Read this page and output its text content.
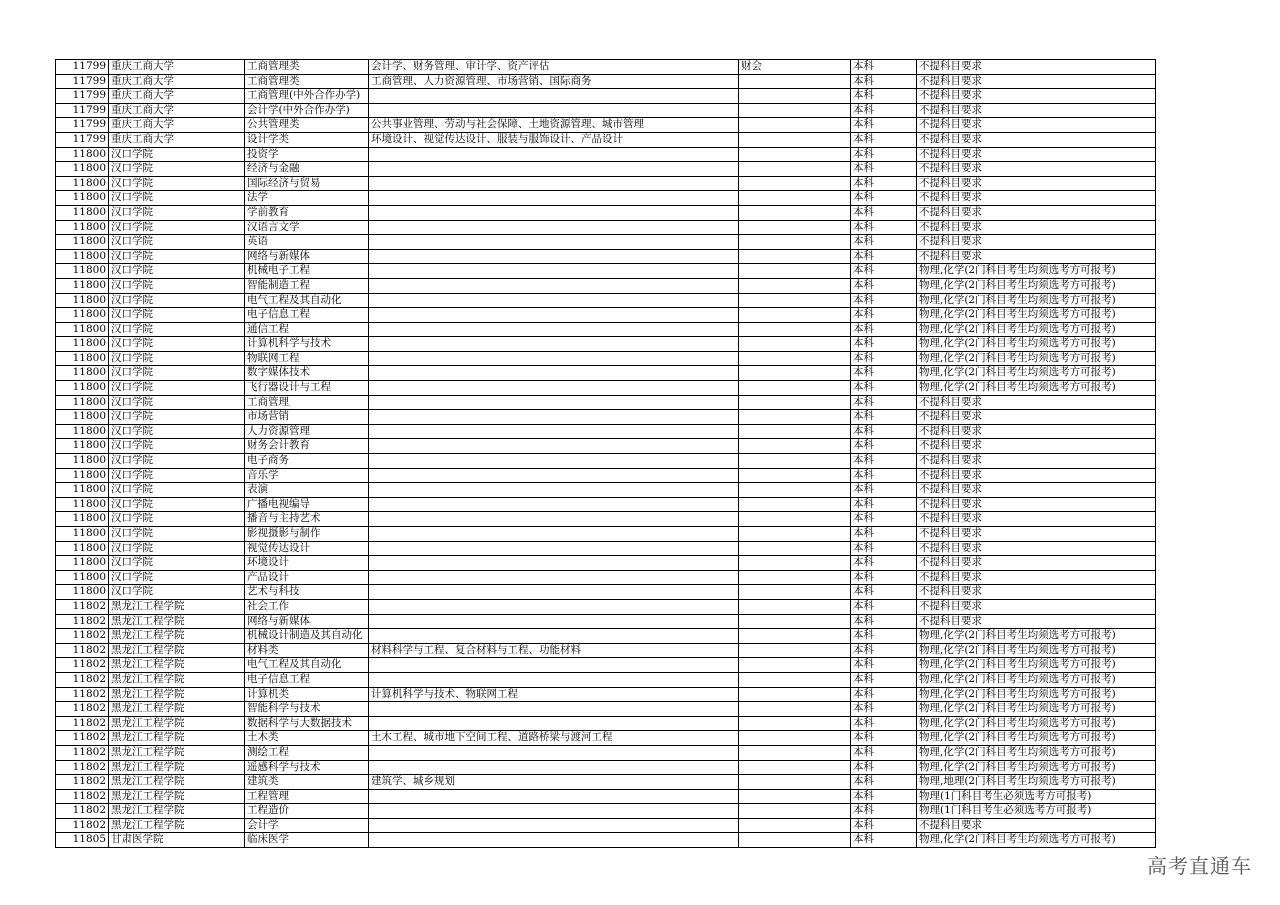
11799	重庆工商大学	工商管理类	会计学、财务管理、审计学、资产评估	财会	本科	不提科目要求
11799	重庆工商大学	工商管理类	工商管理、人力资源管理、市场营销、国际商务		本科	不提科目要求
11799	重庆工商大学	工商管理(中外合作办学)			本科	不提科目要求
11799	重庆工商大学	会计学(中外合作办学)			本科	不提科目要求
11799	重庆工商大学	公共管理类	公共事业管理、劳动与社会保障、土地资源管理、城市管理		本科	不提科目要求
11799	重庆工商大学	设计学类	环境设计、视觉传达设计、服装与服饰设计、产品设计		本科	不提科目要求
11800	汉口学院	投资学			本科	不提科目要求
11800	汉口学院	经济与金融			本科	不提科目要求
11800	汉口学院	国际经济与贸易			本科	不提科目要求
11800	汉口学院	法学			本科	不提科目要求
11800	汉口学院	学前教育			本科	不提科目要求
11800	汉口学院	汉语言文学			本科	不提科目要求
11800	汉口学院	英语			本科	不提科目要求
11800	汉口学院	网络与新媒体			本科	不提科目要求
11800	汉口学院	机械电子工程			本科	物理,化学(2门科目考生均须选考方可报考)
11800	汉口学院	智能制造工程			本科	物理,化学(2门科目考生均须选考方可报考)
11800	汉口学院	电气工程及其自动化			本科	物理,化学(2门科目考生均须选考方可报考)
11800	汉口学院	电子信息工程			本科	物理,化学(2门科目考生均须选考方可报考)
11800	汉口学院	通信工程			本科	物理,化学(2门科目考生均须选考方可报考)
11800	汉口学院	计算机科学与技术			本科	物理,化学(2门科目考生均须选考方可报考)
11800	汉口学院	物联网工程			本科	物理,化学(2门科目考生均须选考方可报考)
11800	汉口学院	数字媒体技术			本科	物理,化学(2门科目考生均须选考方可报考)
11800	汉口学院	飞行器设计与工程			本科	物理,化学(2门科目考生均须选考方可报考)
11800	汉口学院	工商管理			本科	不提科目要求
11800	汉口学院	市场营销			本科	不提科目要求
11800	汉口学院	人力资源管理			本科	不提科目要求
11800	汉口学院	财务会计教育			本科	不提科目要求
11800	汉口学院	电子商务			本科	不提科目要求
11800	汉口学院	音乐学			本科	不提科目要求
11800	汉口学院	表演			本科	不提科目要求
11800	汉口学院	广播电视编导			本科	不提科目要求
11800	汉口学院	播音与主持艺术			本科	不提科目要求
11800	汉口学院	影视摄影与制作			本科	不提科目要求
11800	汉口学院	视觉传达设计			本科	不提科目要求
11800	汉口学院	环境设计			本科	不提科目要求
11800	汉口学院	产品设计			本科	不提科目要求
11800	汉口学院	艺术与科技			本科	不提科目要求
11802	黑龙江工程学院	社会工作			本科	不提科目要求
11802	黑龙江工程学院	网络与新媒体			本科	不提科目要求
11802	黑龙江工程学院	机械设计制造及其自动化			本科	物理,化学(2门科目考生均须选考方可报考)
11802	黑龙江工程学院	材料类	材料科学与工程、复合材料与工程、功能材料		本科	物理,化学(2门科目考生均须选考方可报考)
11802	黑龙江工程学院	电气工程及其自动化			本科	物理,化学(2门科目考生均须选考方可报考)
11802	黑龙江工程学院	电子信息工程			本科	物理,化学(2门科目考生均须选考方可报考)
11802	黑龙江工程学院	计算机类	计算机科学与技术、物联网工程		本科	物理,化学(2门科目考生均须选考方可报考)
11802	黑龙江工程学院	智能科学与技术			本科	物理,化学(2门科目考生均须选考方可报考)
11802	黑龙江工程学院	数据科学与大数据技术			本科	物理,化学(2门科目考生均须选考方可报考)
11802	黑龙江工程学院	土木类	土木工程、城市地下空间工程、道路桥梁与渡河工程		本科	物理,化学(2门科目考生均须选考方可报考)
11802	黑龙江工程学院	测绘工程			本科	物理,化学(2门科目考生均须选考方可报考)
11802	黑龙江工程学院	遥感科学与技术			本科	物理,化学(2门科目考生均须选考方可报考)
11802	黑龙江工程学院	建筑类	建筑学、城乡规划		本科	物理,地理(2门科目考生均须选考方可报考)
11802	黑龙江工程学院	工程管理			本科	物理(1门科目考生必须选考方可报考)
11802	黑龙江工程学院	工程造价			本科	物理(1门科目考生必须选考方可报考)
11802	黑龙江工程学院	会计学			本科	不提科目要求
11805	甘肃医学院	临床医学			本科	物理,化学(2门科目考生均须选考方可报考)
高考直通车
